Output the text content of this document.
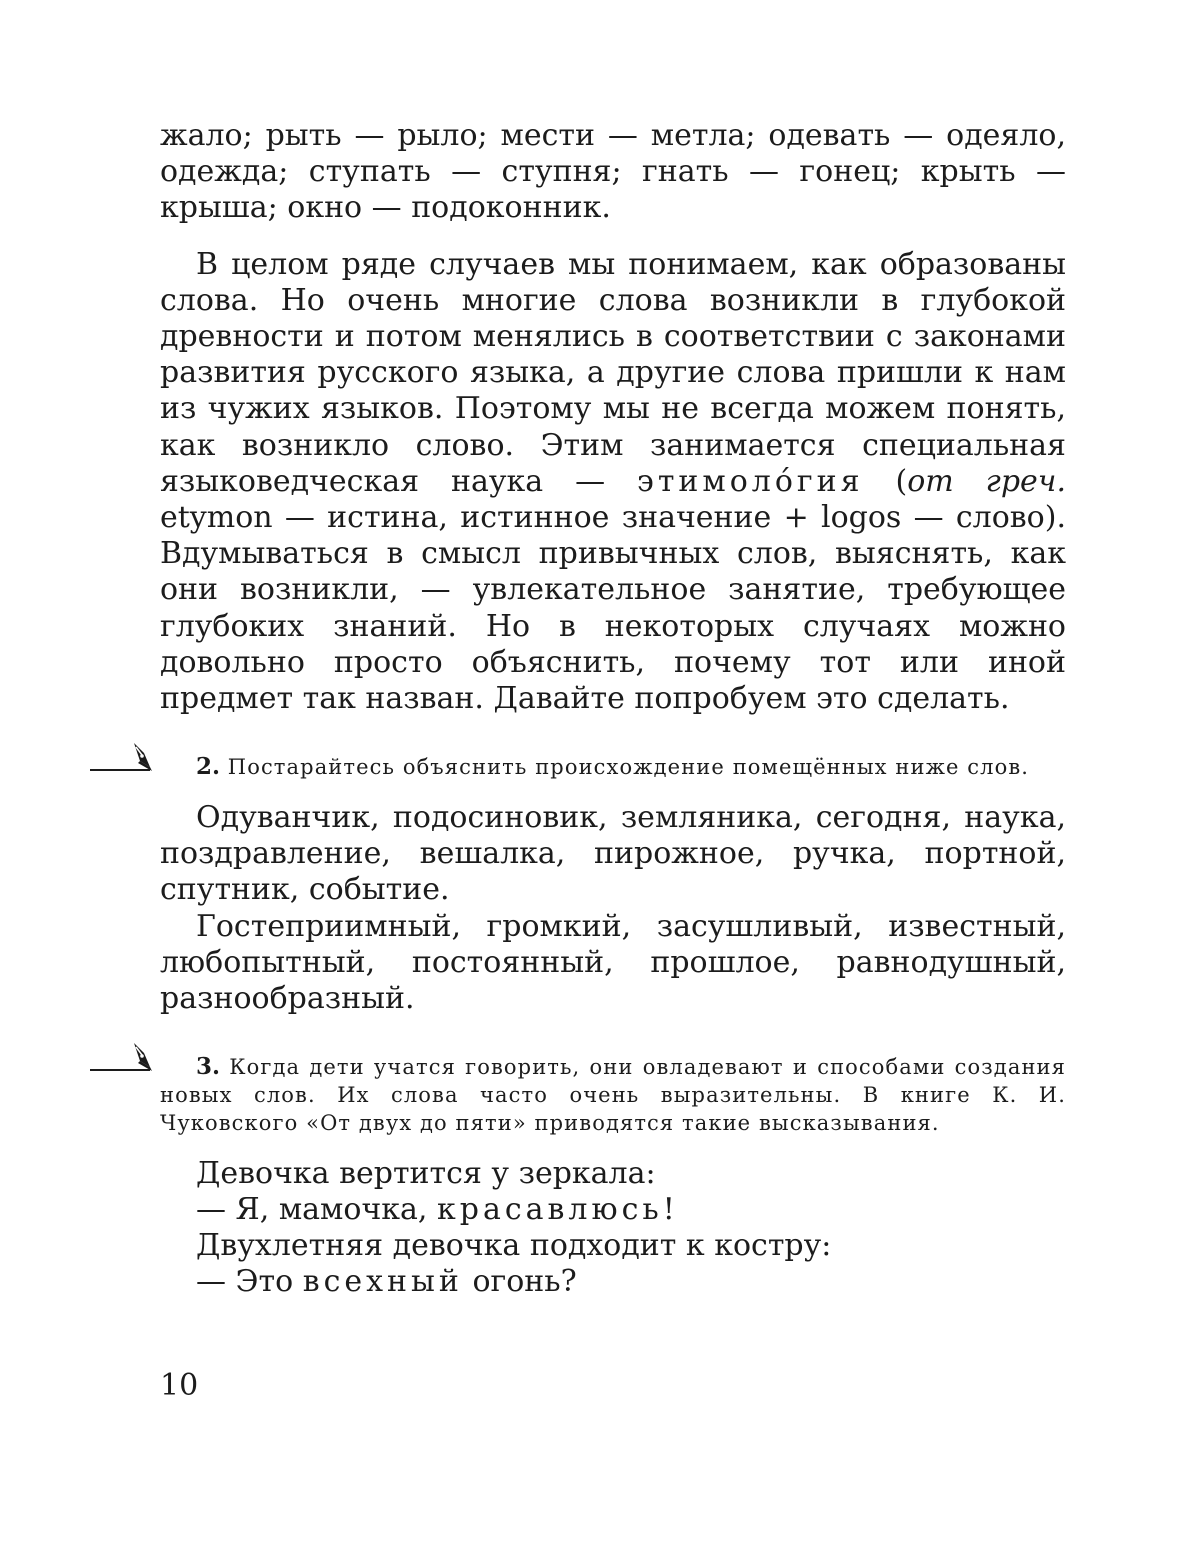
жало; рыть — рыло; мести — метла; одевать — одеяло, одежда; ступать — ступня; гнать — гонец; крыть — крыша; окно — подоконник.

В целом ряде случаев мы понимаем, как образованы слова. Но очень многие слова возникли в глубокой древности и потом менялись в соответствии с законами развития русского языка, а другие слова пришли к нам из чужих языков. Поэтому мы не всегда можем понять, как возникло слово. Этим занимается специальная языковедческая наука — этимоло́гия (от греч. etymon — истина, истинное значение + logos — слово). Вдумываться в смысл привычных слов, выяснять, как они возникли, — увлекательное занятие, требующее глубоких знаний. Но в некоторых случаях можно довольно просто объяснить, почему тот или иной предмет так назван. Давайте попробуем это сделать.

2. Постарайтесь объяснить происхождение помещённых ниже слов.

Одуванчик, подосиновик, земляника, сегодня, наука, поздравление, вешалка, пирожное, ручка, портной, спутник, событие.

Гостеприимный, громкий, засушливый, известный, любопытный, постоянный, прошлое, равнодушный, разнообразный.

3. Когда дети учатся говорить, они овладевают и способами создания новых слов. Их слова часто очень выразительны. В книге К. И. Чуковского «От двух до пяти» приводятся такие высказывания.

Девочка вертится у зеркала:

— Я, мамочка, красавлюсь!

Двухлетняя девочка подходит к костру:

— Это всехный огонь?

10
